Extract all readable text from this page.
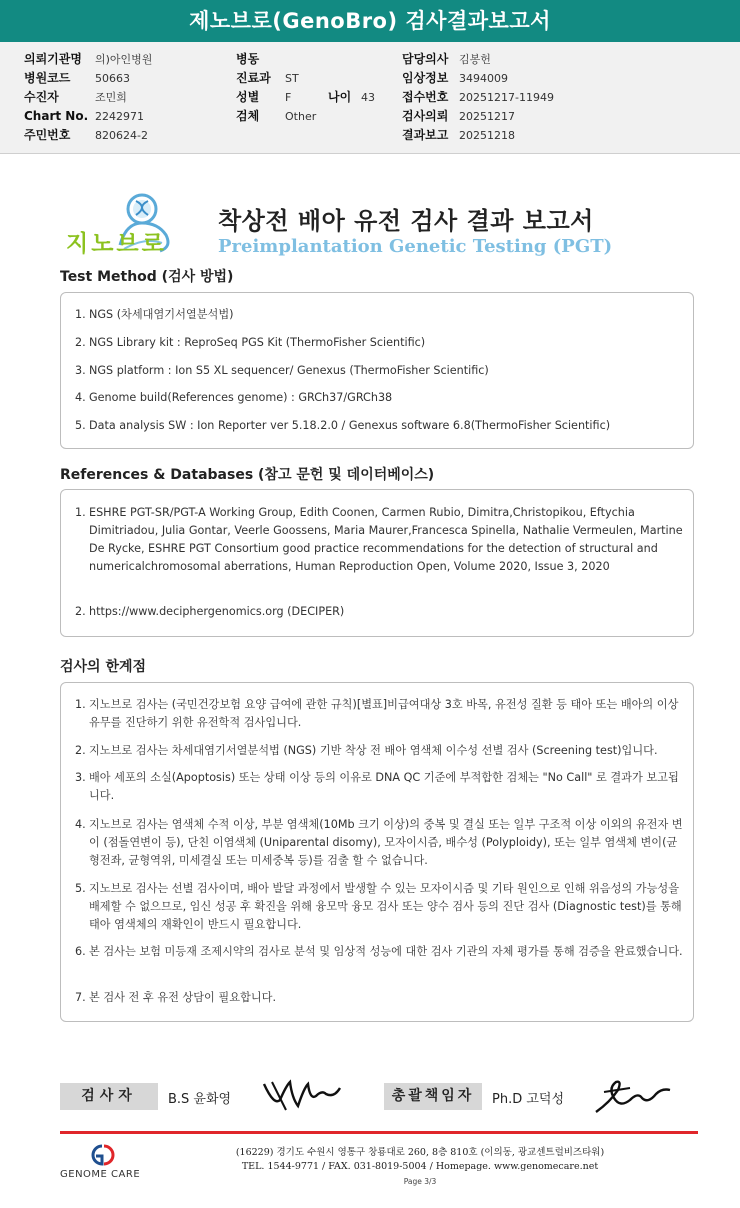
제노브로(GenoBro) 검사결과보고서
의뢰기관명 의)아인병원
병원코드 50663
수진자	조민희
Chart No. 2242971
주민번호 820624-2
병동
진료과 ST
성별 F
검체 Other
나이 43
담당의사 김봉헌
임상정보 3494009
접수번호 20251217-11949
검사의뢰 20251217
결과보고 20251218
지노브로
착상전 배아 유전 검사 결과 보고서
Preimplantation Genetic Testing (PGT)
Test Method (검사 방법)
1. NGS (차세대염기서열분석법)
2. NGS Library kit : ReproSeq PGS Kit (ThermoFisher Scientific)
3. NGS platform : Ion S5 XL sequencer/ Genexus (ThermoFisher Scientific)
4. Genome build(References genome) : GRCh37/GRCh38
5. Data analysis SW : Ion Reporter ver 5.18.2.0 / Genexus software 6.8(ThermoFisher Scientific)
References & Databases (참고 문헌 및 데이터베이스)
1. ESHRE PGT-SR/PGT-A Working Group, Edith Coonen, Carmen Rubio, Dimitra,Christopikou, Eftychia Dimitriadou, Julia Gontar, Veerle Goossens, Maria Maurer,Francesca Spinella, Nathalie Vermeulen, Martine De Rycke, ESHRE PGT Consortium good practice recommendations for the detection of structural and numericalchromosomal aberrations, Human Reproduction Open, Volume 2020, Issue 3, 2020
2. https://www.deciphergenomics.org (DECIPER)
검사의 한계점
1. 지노브로 검사는 (국민건강보험 요양 급여에 관한 규칙)[별표]비급여대상 3호 바목, 유전성 질환 등 태아 또는 배아의 이상 유무를 진단하기 위한 유전학적 검사입니다.
2. 지노브로 검사는 차세대염기서열분석법 (NGS) 기반 착상 전 배아 염색체 이수성 선별 검사 (Screening test)입니다.
3. 배아 세포의 소실(Apoptosis) 또는 상태 이상 등의 이유로 DNA QC 기준에 부적합한 검체는 "No Call" 로 결과가 보고됩니다.
4. 지노브로 검사는 염색체 수적 이상, 부분 염색체(10Mb 크기 이상)의 중복 및 결실 또는 일부 구조적 이상 이외의 유전자 변이 (점돌연변이 등), 단친 이염색체 (Uniparental disomy), 모자이시즘, 배수성 (Polyploidy), 또는 일부 염색체 변이(균형전좌, 균형역위, 미세결실 또는 미세중복 등)를 검출 할 수 없습니다.
5. 지노브로 검사는 선별 검사이며, 배아 발달 과정에서 발생할 수 있는 모자이시즘 및 기타 원인으로 인해 위음성의 가능성을 배제할 수 없으므로, 임신 성공 후 확진을 위해 융모막 융모 검사 또는 양수 검사 등의 진단 검사 (Diagnostic test)를 통해 태아 염색체의 재확인이 반드시 필요합니다.
6. 본 검사는 보험 미등재 조제시약의 검사로 분석 및 임상적 성능에 대한 검사 기관의 자체 평가를 통해 검증을 완료했습니다.
7. 본 검사 전 후 유전 상담이 필요합니다.
검사자	B.S 윤화영	총괄책임자	Ph.D 고덕성
GENOME CARE
(16229) 경기도 수원시 영통구 창룡대로 260, 8층 810호 (이의동, 광교센트럴비즈타워)
TEL. 1544-9771 / FAX. 031-8019-5004 / Homepage. www.genomecare.net
Page 3/3
